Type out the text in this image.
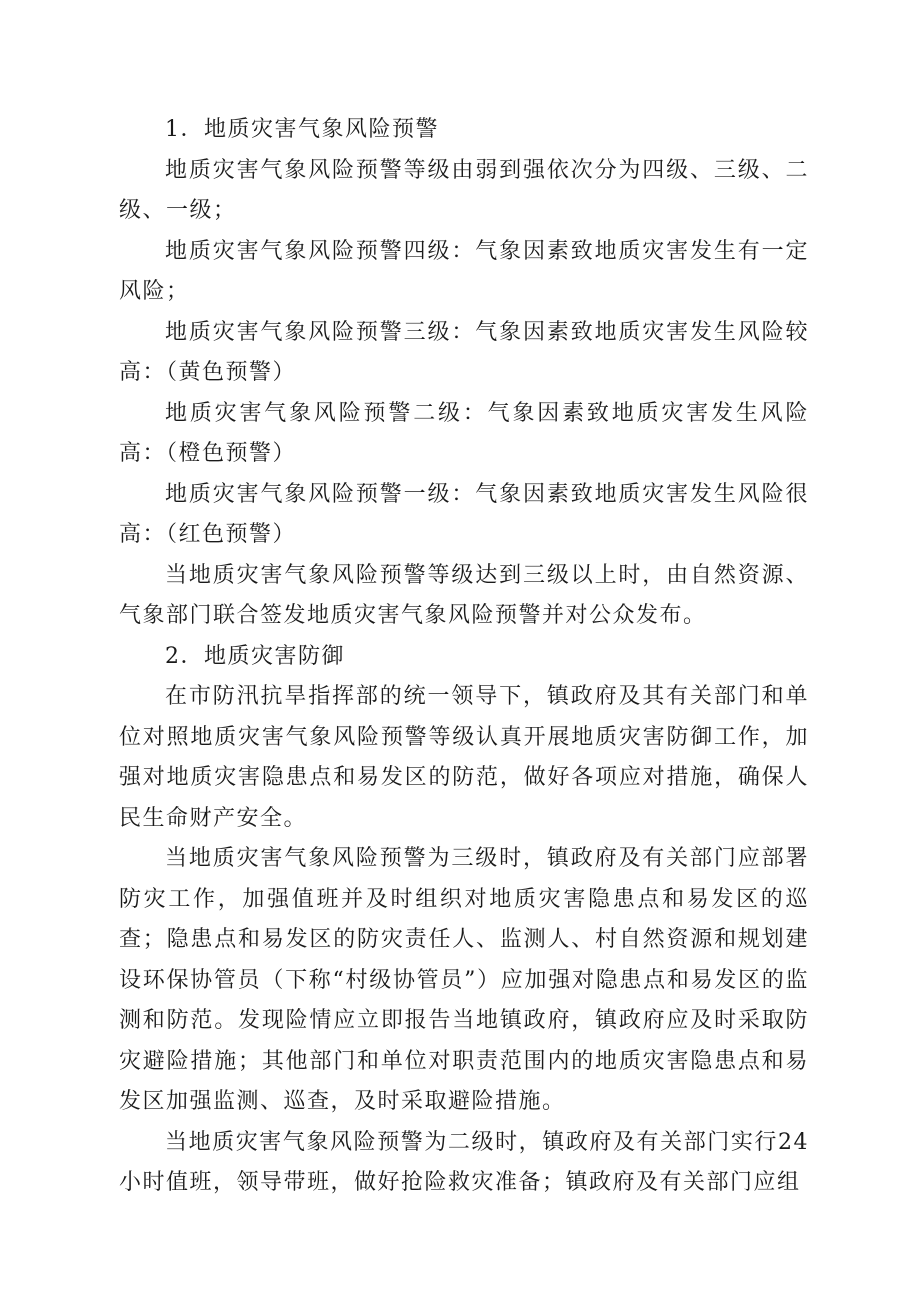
1．地质灾害气象风险预警

地质灾害气象风险预警等级由弱到强依次分为四级、三级、二级、一级；

地质灾害气象风险预警四级：气象因素致地质灾害发生有一定风险；

地质灾害气象风险预警三级：气象因素致地质灾害发生风险较高：（黄色预警）

地质灾害气象风险预警二级：气象因素致地质灾害发生风险高：（橙色预警）

地质灾害气象风险预警一级：气象因素致地质灾害发生风险很高：（红色预警）

当地质灾害气象风险预警等级达到三级以上时，由自然资源、气象部门联合签发地质灾害气象风险预警并对公众发布。

2．地质灾害防御

在市防汛抗旱指挥部的统一领导下，镇政府及其有关部门和单位对照地质灾害气象风险预警等级认真开展地质灾害防御工作，加强对地质灾害隐患点和易发区的防范，做好各项应对措施，确保人民生命财产安全。

当地质灾害气象风险预警为三级时，镇政府及有关部门应部署防灾工作，加强值班并及时组织对地质灾害隐患点和易发区的巡查；隐患点和易发区的防灾责任人、监测人、村自然资源和规划建设环保协管员（下称“村级协管员”）应加强对隐患点和易发区的监测和防范。发现险情应立即报告当地镇政府，镇政府应及时采取防灾避险措施；其他部门和单位对职责范围内的地质灾害隐患点和易发区加强监测、巡查，及时采取避险措施。

当地质灾害气象风险预警为二级时，镇政府及有关部门实行24小时值班，领导带班，做好抢险救灾准备；镇政府及有关部门应组
